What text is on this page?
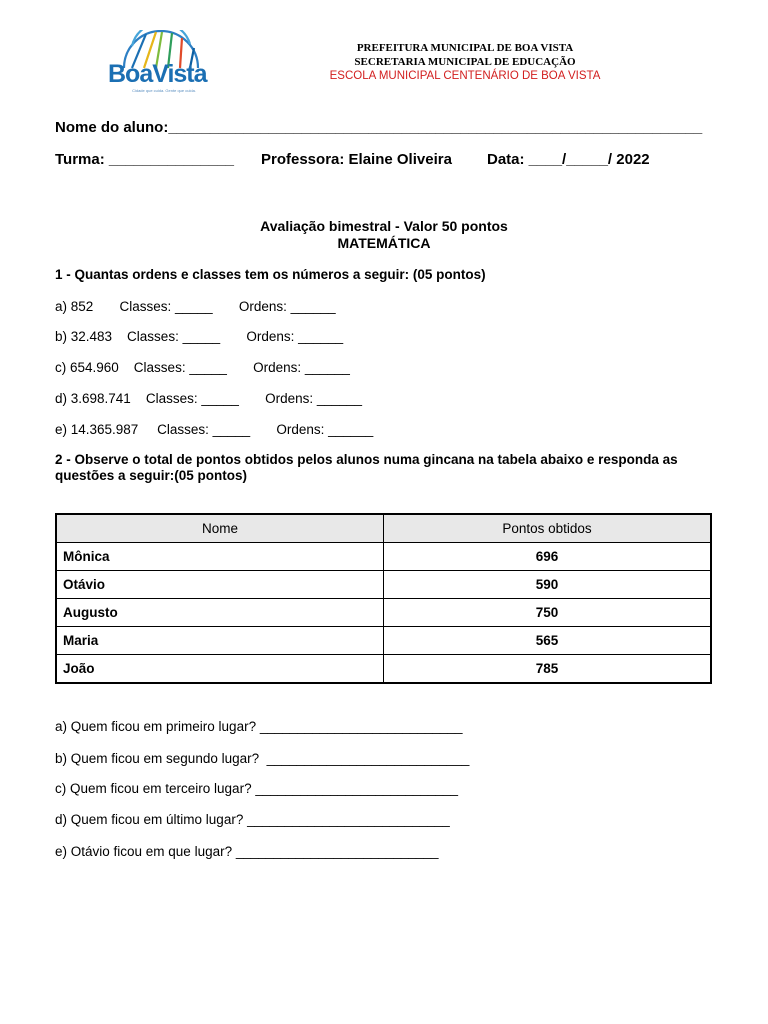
BoaVista
Cidade que cuida. Gente que cuida.
PREFEITURA MUNICIPAL DE BOA VISTA
SECRETARIA MUNICIPAL DE EDUCAÇÃO
ESCOLA MUNICIPAL CENTENÁRIO DE BOA VISTA
Nome do aluno:________________________________________________________________
Turma: _______________ Professora: Elaine Oliveira Data: ____/_____/ 2022
Avaliação bimestral - Valor 50 pontos
MATEMÁTICA
1 - Quantas ordens e classes tem os números a seguir: (05 pontos)
a) 852       Classes: _____       Ordens: ______
b) 32.483    Classes: _____       Ordens: ______
c) 654.960    Classes: _____       Ordens: ______
d) 3.698.741    Classes: _____       Ordens: ______
e) 14.365.987     Classes: _____       Ordens: ______
2 - Observe o total de pontos obtidos pelos alunos numa gincana na tabela abaixo e responda as questões a seguir:(05 pontos)
Nome	Pontos obtidos
Mônica	696
Otávio	590
Augusto	750
Maria	565
João	785
a) Quem ficou em primeiro lugar? ___________________________
b) Quem ficou em segundo lugar?  ___________________________
c) Quem ficou em terceiro lugar? ___________________________
d) Quem ficou em último lugar? ___________________________
e) Otávio ficou em que lugar? ___________________________
